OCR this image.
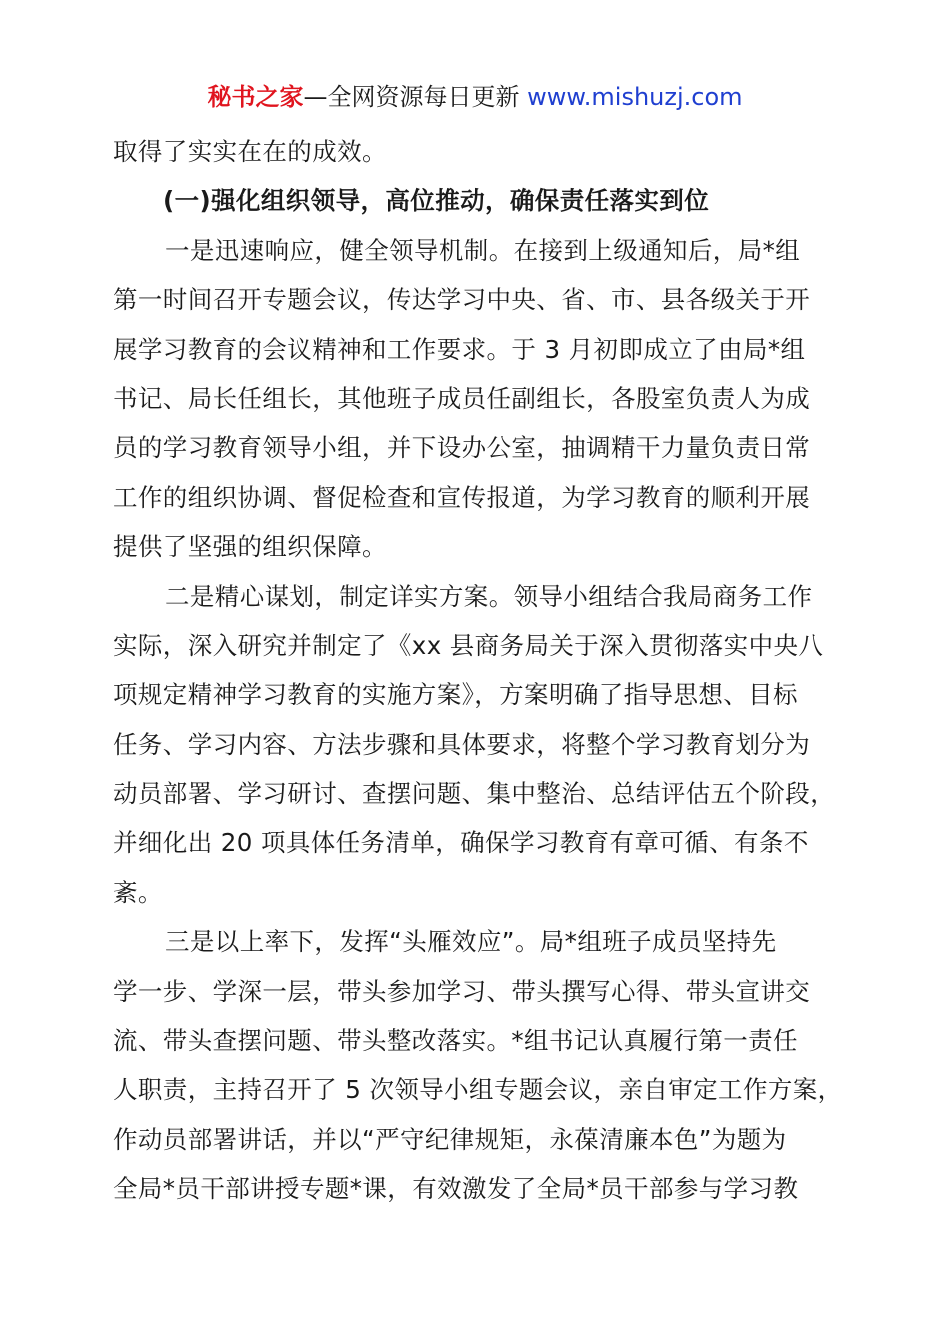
秘书之家—全网资源每日更新 www.mishuzj.com
取得了实实在在的成效。
(一)强化组织领导，高位推动，确保责任落实到位
一是迅速响应，健全领导机制。在接到上级通知后，局*组
第一时间召开专题会议，传达学习中央、省、市、县各级关于开
展学习教育的会议精神和工作要求。于 3 月初即成立了由局*组
书记、局长任组长，其他班子成员任副组长，各股室负责人为成
员的学习教育领导小组，并下设办公室，抽调精干力量负责日常
工作的组织协调、督促检查和宣传报道，为学习教育的顺利开展
提供了坚强的组织保障。
二是精心谋划，制定详实方案。领导小组结合我局商务工作
实际，深入研究并制定了《xx 县商务局关于深入贯彻落实中央八
项规定精神学习教育的实施方案》，方案明确了指导思想、目标
任务、学习内容、方法步骤和具体要求，将整个学习教育划分为
动员部署、学习研讨、查摆问题、集中整治、总结评估五个阶段，
并细化出 20 项具体任务清单，确保学习教育有章可循、有条不
紊。
三是以上率下，发挥“头雁效应”。局*组班子成员坚持先
学一步、学深一层，带头参加学习、带头撰写心得、带头宣讲交
流、带头查摆问题、带头整改落实。*组书记认真履行第一责任
人职责，主持召开了 5 次领导小组专题会议，亲自审定工作方案，
作动员部署讲话，并以“严守纪律规矩，永葆清廉本色”为题为
全局*员干部讲授专题*课，有效激发了全局*员干部参与学习教
